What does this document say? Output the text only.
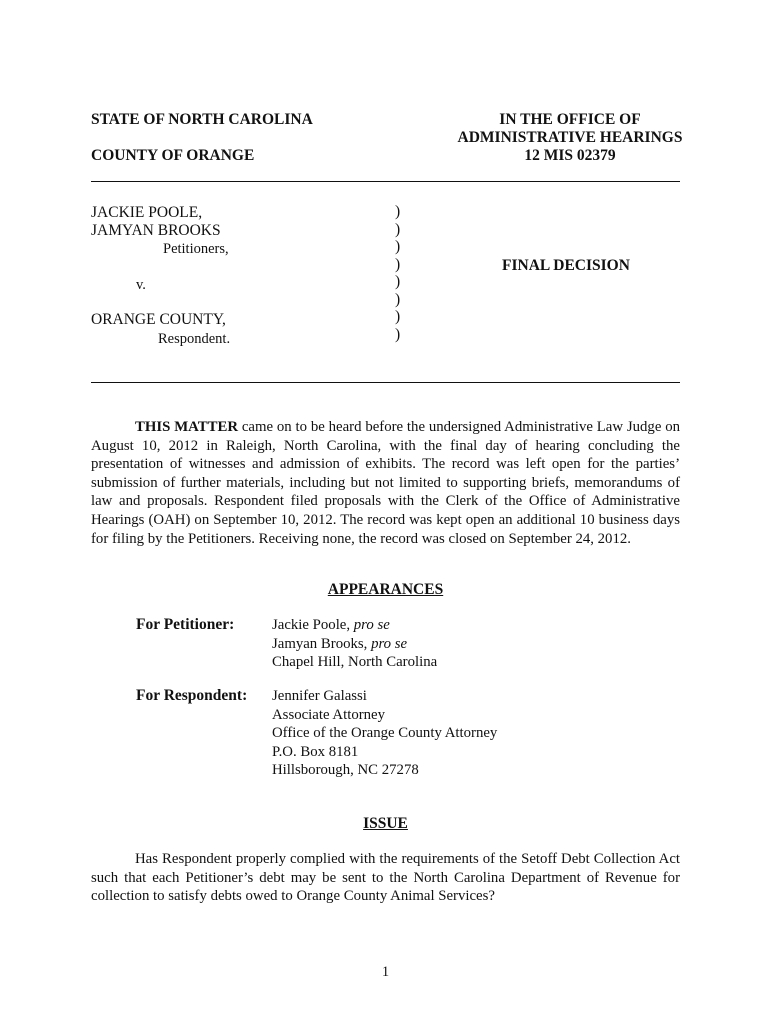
STATE OF NORTH CAROLINA
COUNTY OF ORANGE
IN THE OFFICE OF
ADMINISTRATIVE HEARINGS
12 MIS 02379
JACKIE POOLE,
JAMYAN BROOKS
Petitioners,
v.
ORANGE COUNTY,
Respondent.
)
)
)
)
)
)
)
)
FINAL DECISION
THIS MATTER came on to be heard before the undersigned Administrative Law Judge on August 10, 2012 in Raleigh, North Carolina, with the final day of hearing concluding the presentation of witnesses and admission of exhibits. The record was left open for the parties’ submission of further materials, including but not limited to supporting briefs, memorandums of law and proposals. Respondent filed proposals with the Clerk of the Office of Administrative Hearings (OAH) on September 10, 2012. The record was kept open an additional 10 business days for filing by the Petitioners. Receiving none, the record was closed on September 24, 2012.
APPEARANCES
For Petitioner:	Jackie Poole, pro se
Jamyan Brooks, pro se
Chapel Hill, North Carolina
For Respondent: Jennifer Galassi
Associate Attorney
Office of the Orange County Attorney
P.O. Box 8181
Hillsborough, NC 27278
ISSUE
Has Respondent properly complied with the requirements of the Setoff Debt Collection Act such that each Petitioner’s debt may be sent to the North Carolina Department of Revenue for collection to satisfy debts owed to Orange County Animal Services?
1
